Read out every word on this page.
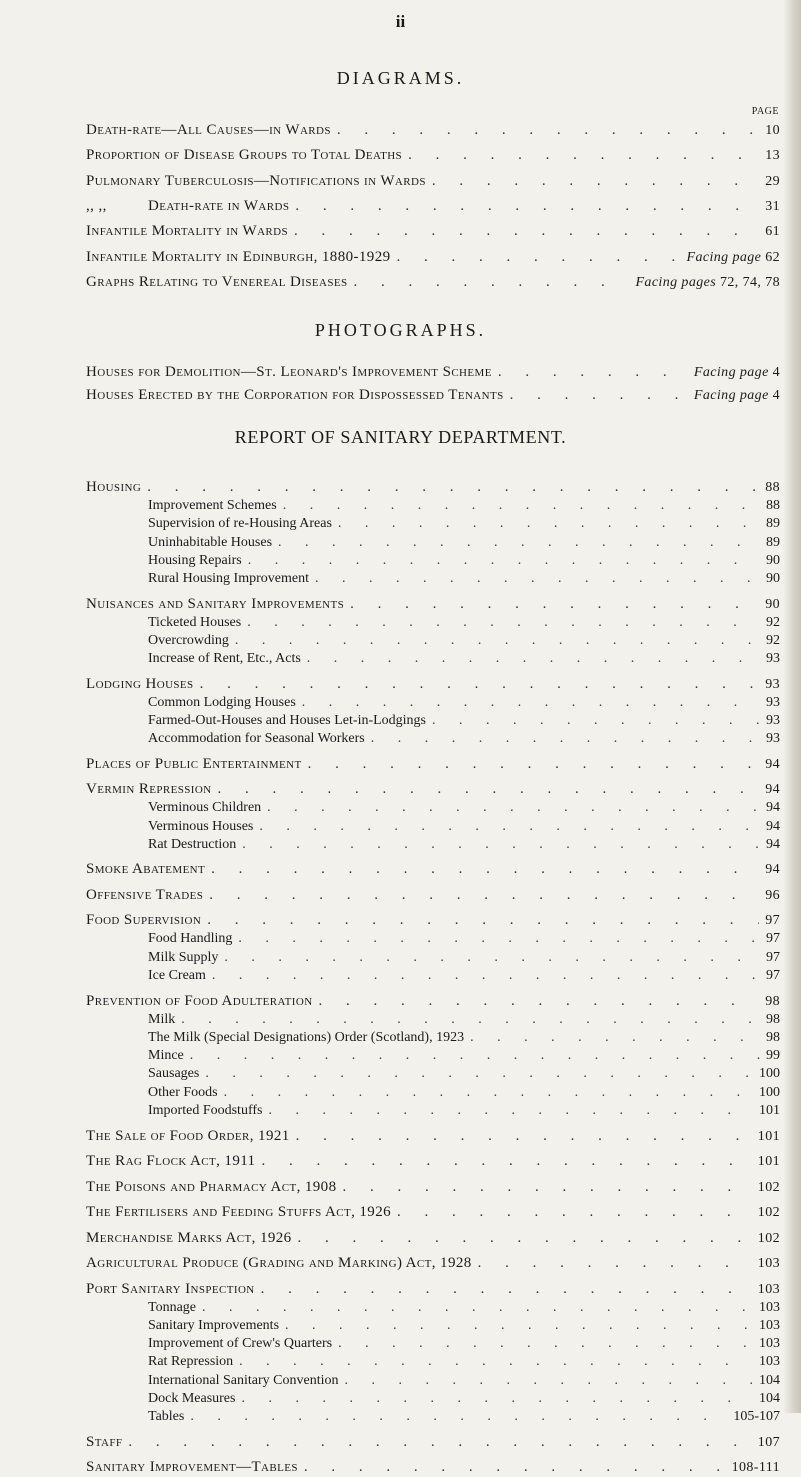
ii
DIAGRAMS.
PAGE
Death-rate—All Causes—in Wards . . .	10
Proportion of Disease Groups to Total Deaths . . .	13
Pulmonary Tuberculosis—Notifications in Wards . . .	29
,, ,,	Death-rate in Wards . . .	31
Infantile Mortality in Wards . . .	61
Infantile Mortality in Edinburgh, 1880-1929 . . .	Facing page 62
Graphs Relating to Venereal Diseases . . .	Facing pages 72, 74, 78
PHOTOGRAPHS.
Houses for Demolition—St. Leonard's Improvement Scheme . . .	Facing page 4
Houses Erected by the Corporation for Dispossessed Tenants . . .	Facing page 4
REPORT OF SANITARY DEPARTMENT.
Housing . . .	88
Improvement Schemes . . .	88
Supervision of re-Housing Areas . . .	89
Uninhabitable Houses . . .	89
Housing Repairs . . .	90
Rural Housing Improvement . . .	90
Nuisances and Sanitary Improvements . . .	90
Ticketed Houses . . .	92
Overcrowding . . .	92
Increase of Rent, Etc., Acts . . .	93
Lodging Houses . . .	93
Common Lodging Houses . . .	93
Farmed-Out-Houses and Houses Let-in-Lodgings . . .	93
Accommodation for Seasonal Workers . . .	93
Places of Public Entertainment . . .	94
Vermin Repression . . .	94
Verminous Children . . .	94
Verminous Houses . . .	94
Rat Destruction . . .	94
Smoke Abatement . . .	94
Offensive Trades . . .	96
Food Supervision . . .	97
Food Handling . . .	97
Milk Supply . . .	97
Ice Cream . . .	97
Prevention of Food Adulteration . . .	98
Milk . . .	98
The Milk (Special Designations) Order (Scotland), 1923 . . .	98
Mince . . .	99
Sausages . . .	100
Other Foods . . .	100
Imported Foodstuffs . . .	101
The Sale of Food Order, 1921 . . .	101
The Rag Flock Act, 1911 . . .	101
The Poisons and Pharmacy Act, 1908 . . .	102
The Fertilisers and Feeding Stuffs Act, 1926 . . .	102
Merchandise Marks Act, 1926 . . .	102
Agricultural Produce (Grading and Marking) Act, 1928 . . .	103
Port Sanitary Inspection . . .	103
Tonnage . . .	103
Sanitary Improvements . . .	103
Improvement of Crew's Quarters . . .	103
Rat Repression . . .	103
International Sanitary Convention . . .	104
Dock Measures . . .	104
Tables . . .	105-107
Staff . . .	107
Sanitary Improvement—Tables . . .	108-111
